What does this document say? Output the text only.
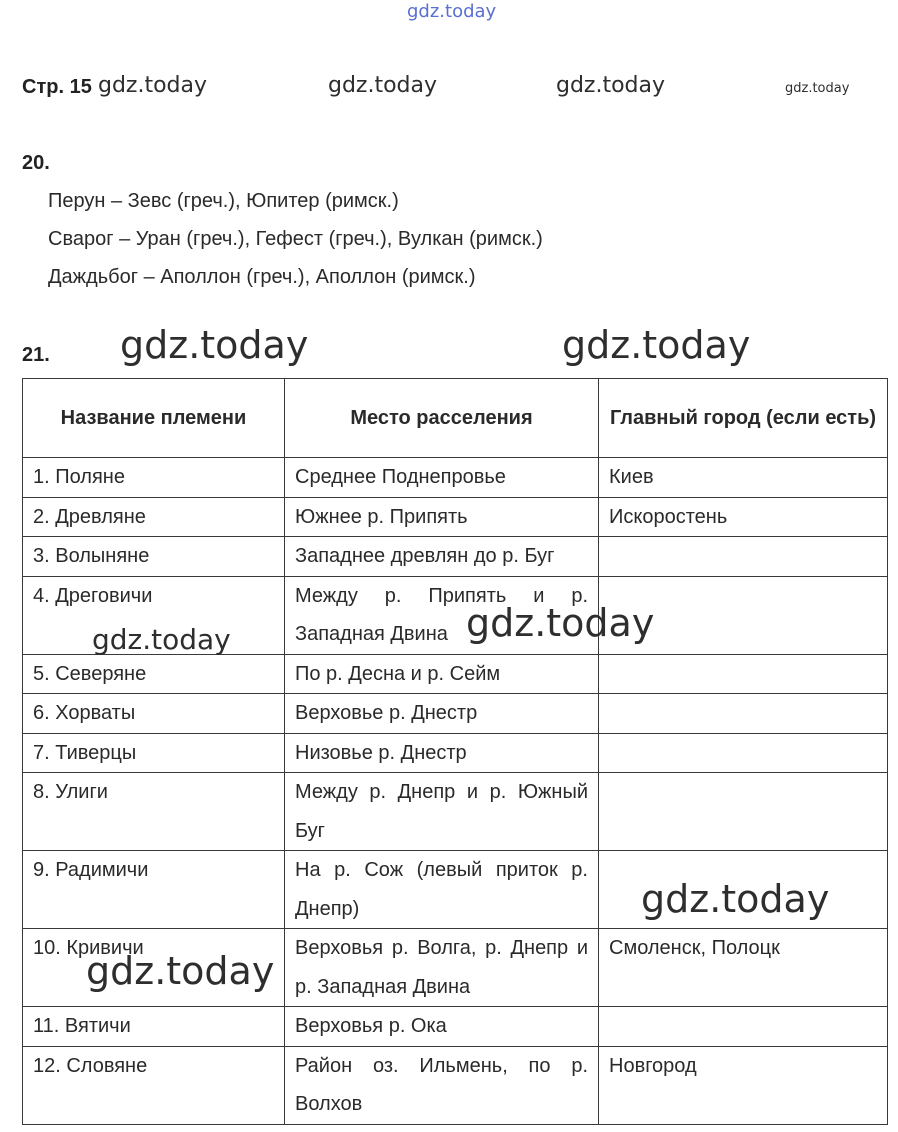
gdz.today
gdz.today	gdz.today	gdz.today	gdz.today
Стр. 15
20.
Перун – Зевс (греч.), Юпитер (римск.)
Сварог – Уран (греч.), Гефест (греч.), Вулкан (римск.)
Даждьбог – Аполлон (греч.), Аполлон (римск.)
21. gdz.today	gdz.today
Название племени	Место расселения	Главный город (если есть)
1. Поляне	Среднее Поднепровье	Киев
2. Древляне	Южнее р. Припять	Искоростень
3. Волыняне	Западнее древлян до р. Буг	
4. Дреговичи	Между р. Припять и р. Западная Двина	
5. Северяне	По р. Десна и р. Сейм	
6. Хорваты	Верховье р. Днестр	
7. Тиверцы	Низовье р. Днестр	
8. Улиги	Между р. Днепр и р. Южный Буг	
9. Радимичи	На р. Сож (левый приток р. Днепр)	
10. Кривичи	Верховья р. Волга, р. Днепр и р. Западная Двина	Смоленск, Полоцк
11. Вятичи	Верховья р. Ока	
12. Словяне	Район оз. Ильмень, по р. Волхов	Новгород
gdz.today
gdz.today
gdz.today
gdz.today
